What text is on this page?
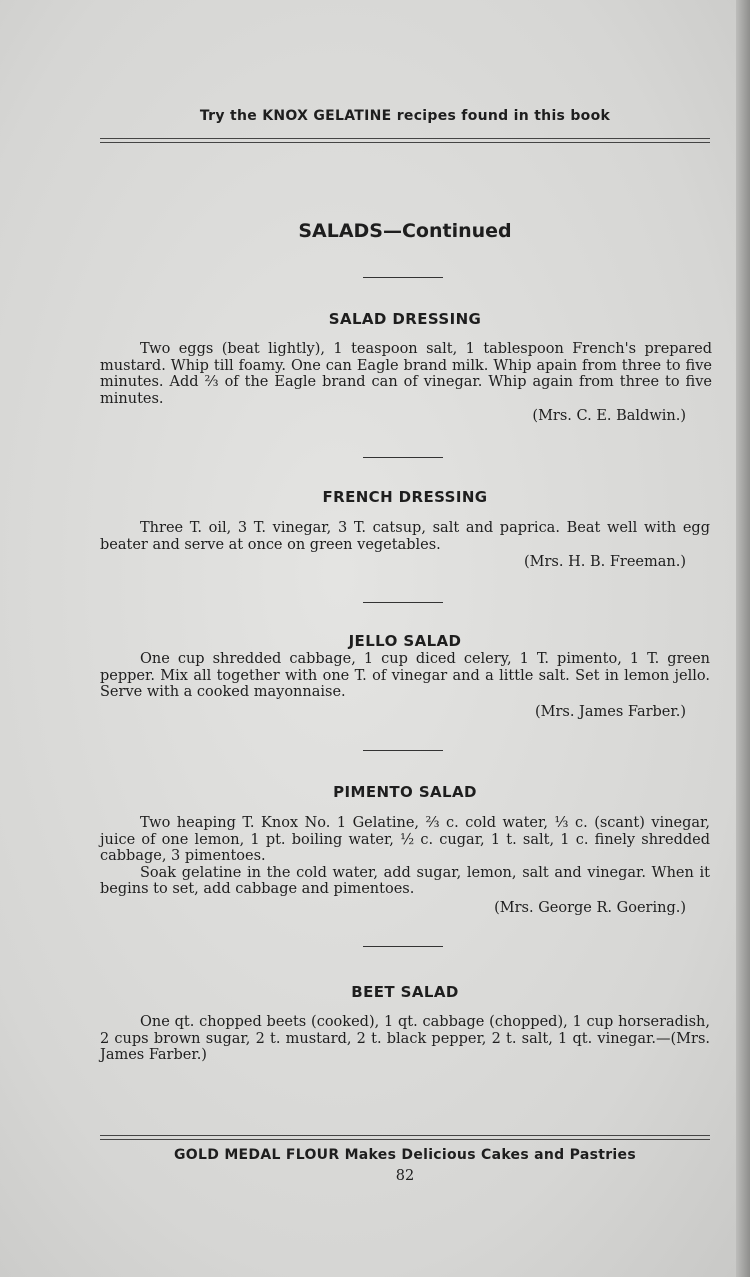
Try the KNOX GELATINE recipes found in this book
SALADS—Continued
SALAD DRESSING

Two eggs (beat lightly), 1 teaspoon salt, 1 tablespoon French's prepared mustard. Whip till foamy. One can Eagle brand milk. Whip apain from three to five minutes. Add ⅔ of the Eagle brand can of vinegar. Whip again from three to five minutes.

(Mrs. C. E. Baldwin.)
FRENCH DRESSING

Three T. oil, 3 T. vinegar, 3 T. catsup, salt and paprica. Beat well with egg beater and serve at once on green vegetables.

(Mrs. H. B. Freeman.)
JELLO SALAD

One cup shredded cabbage, 1 cup diced celery, 1 T. pimento, 1 T. green pepper. Mix all together with one T. of vinegar and a little salt. Set in lemon jello. Serve with a cooked mayonnaise.

(Mrs. James Farber.)
PIMENTO SALAD

Two heaping T. Knox No. 1 Gelatine, ⅔ c. cold water, ⅓ c. (scant) vinegar, juice of one lemon, 1 pt. boiling water, ½ c. cugar, 1 t. salt, 1 c. finely shredded cabbage, 3 pimentoes.

Soak gelatine in the cold water, add sugar, lemon, salt and vinegar. When it begins to set, add cabbage and pimentoes.

(Mrs. George R. Goering.)
BEET SALAD

One qt. chopped beets (cooked), 1 qt. cabbage (chopped), 1 cup horseradish, 2 cups brown sugar, 2 t. mustard, 2 t. black pepper, 2 t. salt, 1 qt. vinegar.—(Mrs. James Farber.)

GOLD MEDAL FLOUR Makes Delicious Cakes and Pastries
82
